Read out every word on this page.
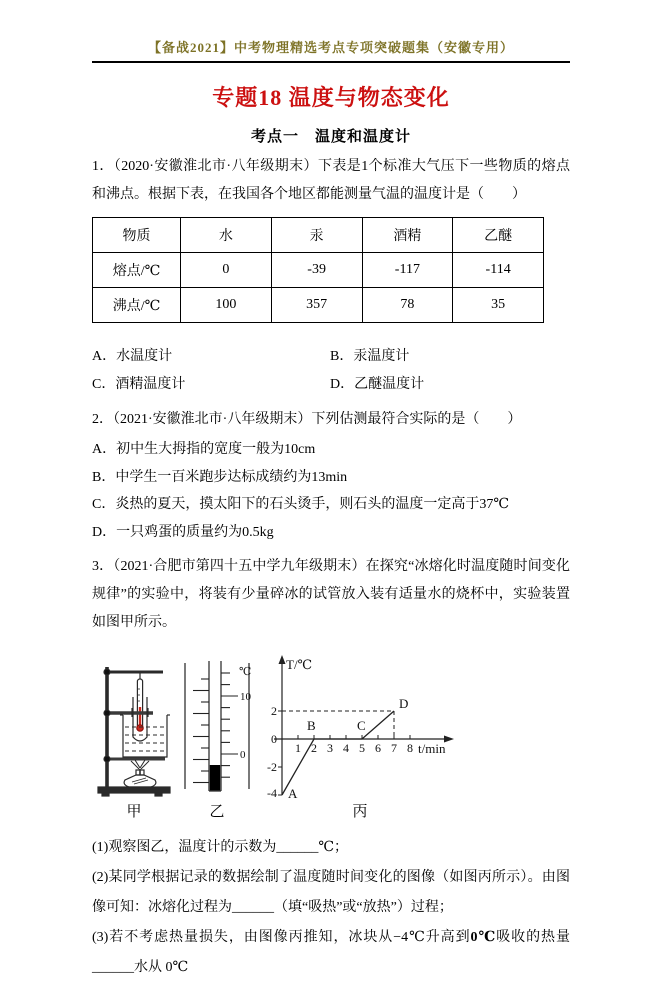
【备战2021】中考物理精选考点专项突破题集（安徽专用）
专题18 温度与物态变化
考点一　温度和温度计
1．（2020·安徽淮北市·八年级期末）下表是1个标准大气压下一些物质的熔点和沸点。根据下表，在我国各个地区都能测量气温的温度计是（　　）
物质	水	汞	酒精	乙醚
熔点/℃	0	-39	-117	-114
沸点/℃	100	357	78	35
A．水温度计	B．汞温度计
C．酒精温度计	D．乙醚温度计
2．（2021·安徽淮北市·八年级期末）下列估测最符合实际的是（　　）
A．初中生大拇指的宽度一般为10cm
B．中学生一百米跑步达标成绩约为13min
C．炎热的夏天，摸太阳下的石头烫手，则石头的温度一定高于37℃
D．一只鸡蛋的质量约为0.5kg
3．（2021·合肥市第四十五中学九年级期末）在探究“冰熔化时温度随时间变化规律”的实验中，将装有少量碎冰的试管放入装有适量水的烧杯中，实验装置如图甲所示。
甲
℃
10
0
乙
T/℃
t/min
1 2 3 4 5 6 7 8
2
0
-2
-4 A
B	C
D
丙
(1)观察图乙，温度计的示数为______℃；
(2)某同学根据记录的数据绘制了温度随时间变化的图像（如图丙所示）。由图像可知：冰熔化过程为______（填“吸热”或“放热”）过程；
(3)若不考虑热量损失，由图像丙推知，冰块从−4℃升高到0℃吸收的热量______水从 0℃
